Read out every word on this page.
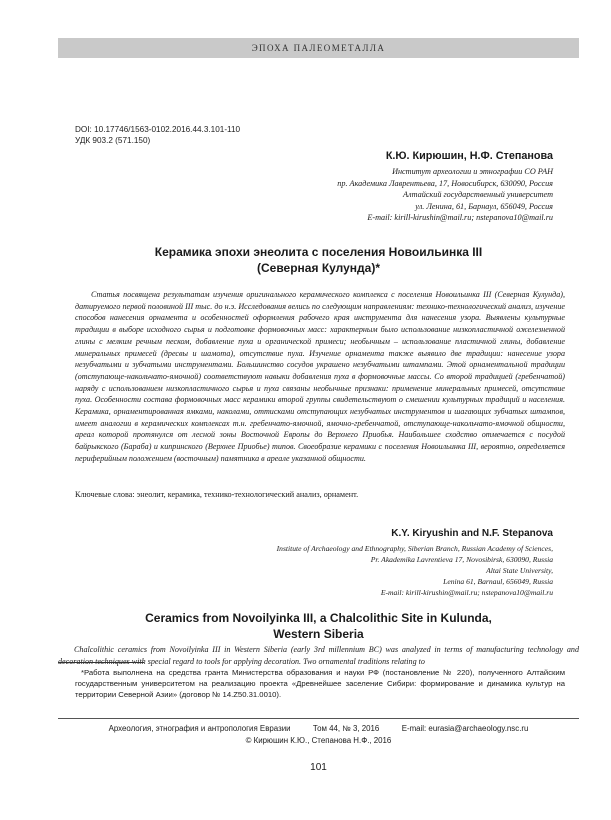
ЭПОХА ПАЛЕОМЕТАЛЛА
DOI: 10.17746/1563-0102.2016.44.3.101-110
УДК 903.2 (571.150)
К.Ю. Кирюшин, Н.Ф. Степанова
Институт археологии и этнографии СО РАН
пр. Академика Лаврентьева, 17, Новосибирск, 630090, Россия
Алтайский государственный университет
ул. Ленина, 61, Барнаул, 656049, Россия
E-mail: kirill-kirushin@mail.ru; nstepanova10@mail.ru
Керамика эпохи энеолита с поселения Новоильинка III
(Северная Кулунда)*
Статья посвящена результатам изучения оригинального керамического комплекса с поселения Новоильинка III (Северная Кулунда), датируемого первой половиной III тыс. до н.э. Исследования велись по следующим направлениям: технико-технологический анализ, изучение способов нанесения орнамента и особенностей оформления рабочего края инструмента для нанесения узора. Выявлены культурные традиции в выборе исходного сырья и подготовке формовочных масс: характерным было использование низкопластичной ожелезненной глины с мелким речным песком, добавление пуха и органической примеси; необычным – использование пластичной глины, добавление минеральных примесей (дресвы и шамота), отсутствие пуха. Изучение орнамента также выявило две традиции: нанесение узора незубчатыми и зубчатыми инструментами. Большинство сосудов украшено незубчатыми штампами. Этой орнаментальной традиции (отступающе-накольчато-ямочной) соответствуют навыки добавления пуха в формовочные массы. Со второй традицией (гребенчатой) наряду с использованием низкопластичного сырья и пуха связаны необычные признаки: применение минеральных примесей, отсутствие пуха. Особенности состава формовочных масс керамики второй группы свидетельствуют о смешении культурных традиций и населения. Керамика, орнаментированная ямками, наколами, оттисками отступающих незубчатых инструментов и шагающих зубчатых штампов, имеет аналогии в керамических комплексах т.н. гребенчато-ямочной, ямочно-гребенчатой, отступающе-накольчато-ямочной общности, ареал которой протянулся от лесной зоны Восточной Европы до Верхнего Приобья. Наибольшее сходство отмечается с посудой байрыкского (Бараба) и кипринского (Верхнее Приобье) типов. Своеобразие керамики с поселения Новоильинка III, вероятно, определяется периферийным положением (восточным) памятника в ареале указанной общности.
Ключевые слова: энеолит, керамика, технико-технологический анализ, орнамент.
K.Y. Kiryushin and N.F. Stepanova
Institute of Archaeology and Ethnography, Siberian Branch, Russian Academy of Sciences,
Pr. Akademika Lavrentieva 17, Novosibirsk, 630090, Russia
Altai State University,
Lenina 61, Barnaul, 656049, Russia
E-mail: kirill-kirushin@mail.ru; nstepanova10@mail.ru
Ceramics from Novoilyinka III, a Chalcolithic Site in Kulunda,
Western Siberia
Chalcolithic ceramics from Novoilyinka III in Western Siberia (early 3rd millennium BC) was analyzed in terms of manufacturing technology and decoration techniques with special regard to tools for applying decoration. Two ornamental traditions relating to
*Работа выполнена на средства гранта Министерства образования и науки РФ (постановление № 220), полученного Алтайским государственным университетом на реализацию проекта «Древнейшее заселение Сибири: формирование и динамика культур на территории Северной Азии» (договор № 14.Z50.31.0010).
Археология, этнография и антропология Евразии	Том 44, № 3, 2016	E-mail: eurasia@archaeology.nsc.ru
© Кирюшин К.Ю., Степанова Н.Ф., 2016
101
